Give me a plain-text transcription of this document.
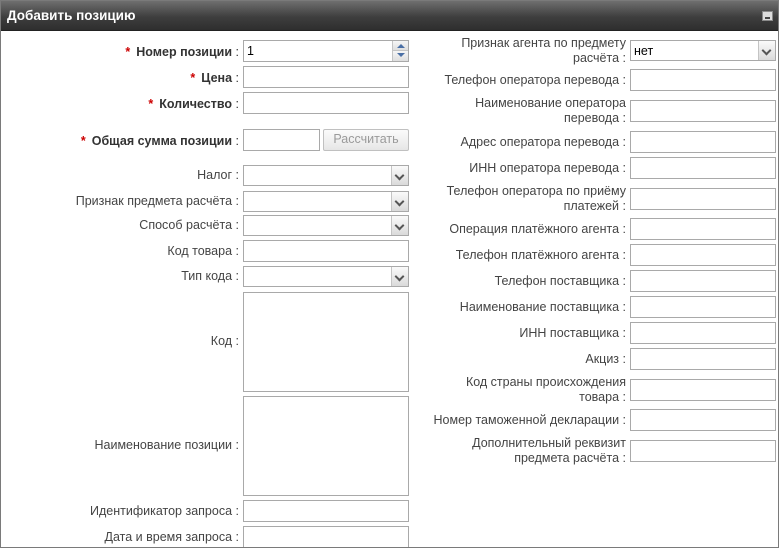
Добавить позицию
* Номер позиции : 1
* Цена :
* Количество :
* Общая сумма позиции :	Рассчитать
Налог :
Признак предмета расчёта :
Способ расчёта :
Код товара :
Тип кода :
Код :
Наименование позиции :
Идентификатор запроса :
Дата и время запроса :
Признак агента по предмету
расчёта : нет
Телефон оператора перевода :
Наименование оператора
перевода :
Адрес оператора перевода :
ИНН оператора перевода :
Телефон оператора по приёму
платежей :
Операция платёжного агента :
Телефон платёжного агента :
Телефон поставщика :
Наименование поставщика :
ИНН поставщика :
Акциз :
Код страны происхождения
товара :
Номер таможенной декларации :
Дополнительный реквизит
предмета расчёта :
